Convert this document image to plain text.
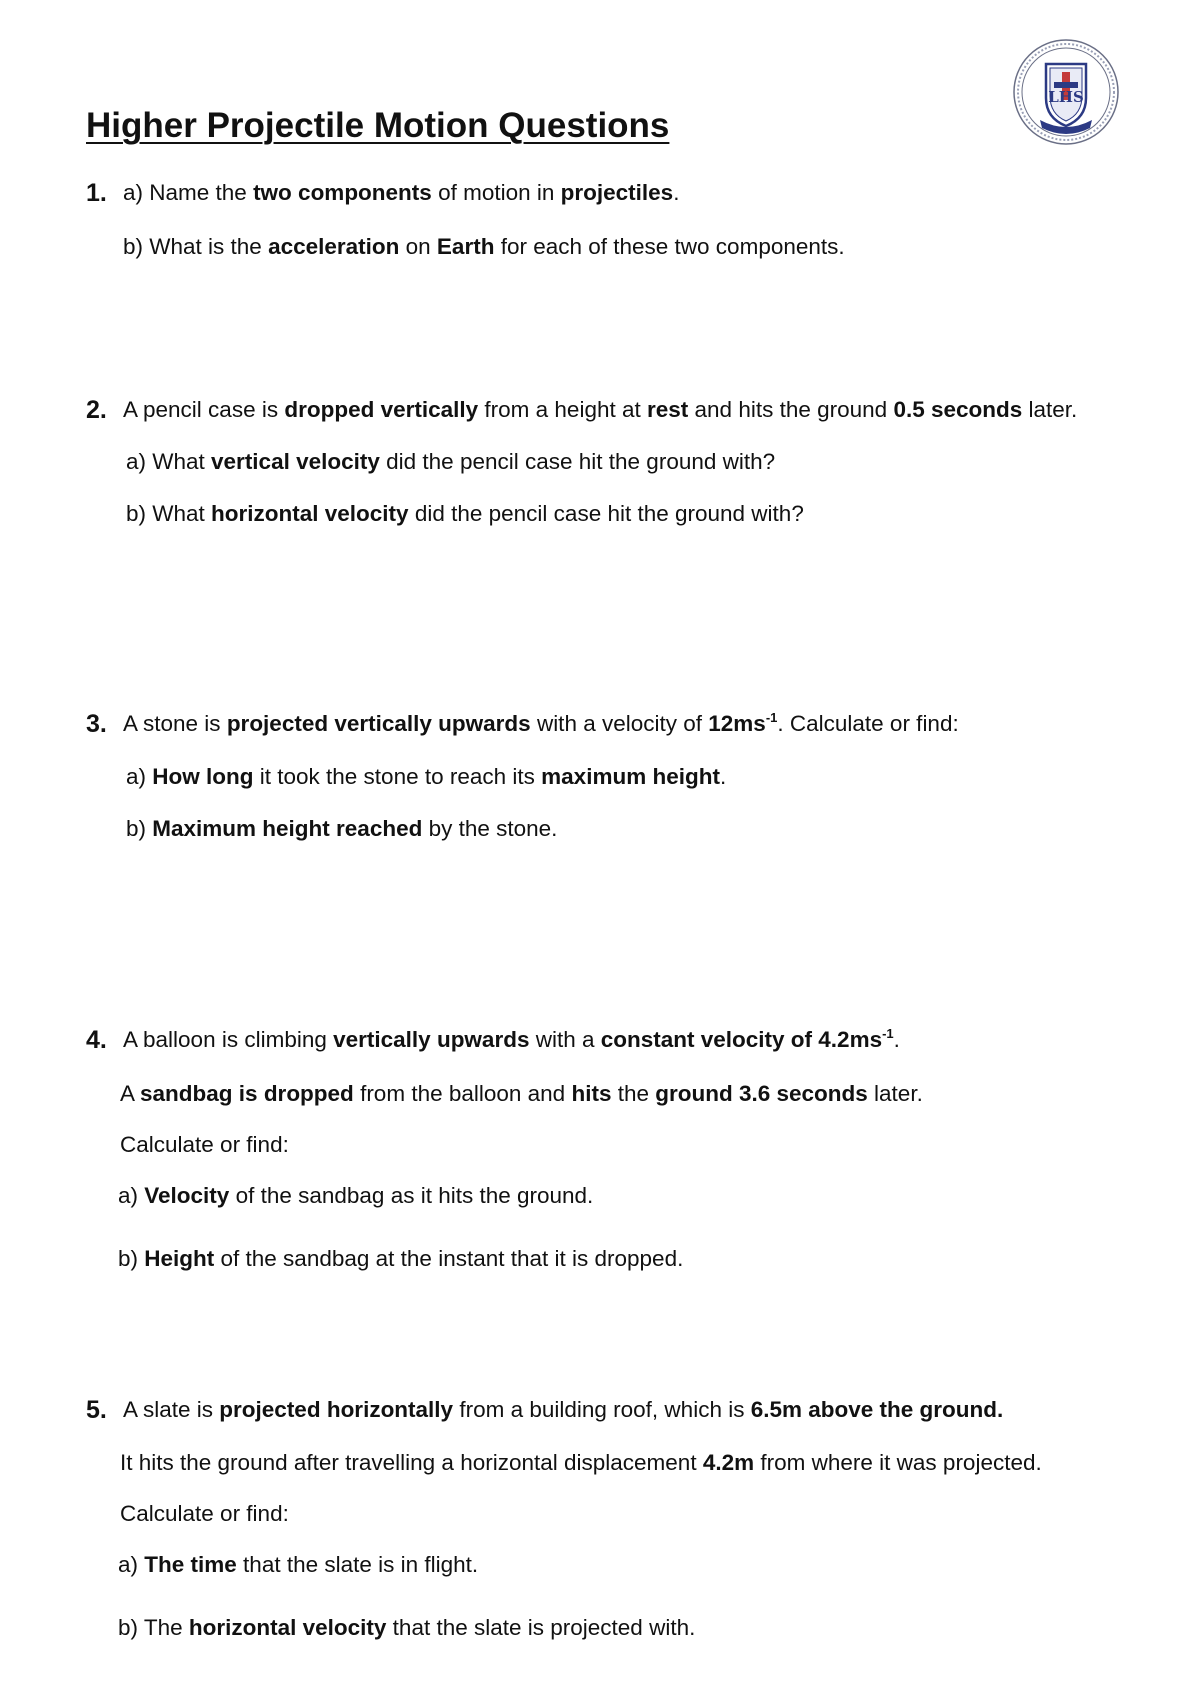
Higher Projectile Motion Questions
LHS
1. a) Name the two components of motion in projectiles.
b) What is the acceleration on Earth for each of these two components.
2. A pencil case is dropped vertically from a height at rest and hits the ground 0.5 seconds later.
a) What vertical velocity did the pencil case hit the ground with?
b) What horizontal velocity did the pencil case hit the ground with?
3. A stone is projected vertically upwards with a velocity of $12ms^{-1}$. Calculate or find:
a) How long it took the stone to reach its maximum height.
b) Maximum height reached by the stone.
4. A balloon is climbing vertically upwards with a constant velocity of $4.2ms^{-1}$.
A sandbag is dropped from the balloon and hits the ground 3.6 seconds later.
Calculate or find:
a) Velocity of the sandbag as it hits the ground.
b) Height of the sandbag at the instant that it is dropped.
5. A slate is projected horizontally from a building roof, which is 6.5m above the ground.
It hits the ground after travelling a horizontal displacement 4.2m from where it was projected.
Calculate or find:
a) The time that the slate is in flight.
b) The horizontal velocity that the slate is projected with.
